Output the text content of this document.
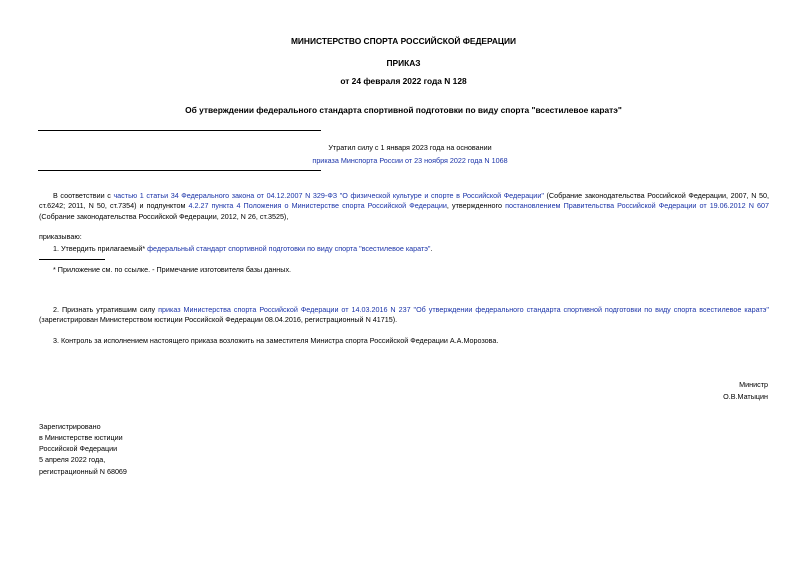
МИНИСТЕРСТВО СПОРТА РОССИЙСКОЙ ФЕДЕРАЦИИ
ПРИКАЗ
от 24 февраля 2022 года N 128
Об утверждении федерального стандарта спортивной подготовки по виду спорта "всестилевое каратэ"
Утратил силу с 1 января 2023 года на основании
приказа Минспорта России от 23 ноября 2022 года N 1068
В соответствии с частью 1 статьи 34 Федерального закона от 04.12.2007 N 329-ФЗ "О физической культуре и спорте в Российской Федерации" (Собрание законодательства Российской Федерации, 2007, N 50, ст.6242; 2011, N 50, ст.7354) и подпунктом 4.2.27 пункта 4 Положения о Министерстве спорта Российской Федерации, утвержденного постановлением Правительства Российской Федерации от 19.06.2012 N 607 (Собрание законодательства Российской Федерации, 2012, N 26, ст.3525),
приказываю:
1. Утвердить прилагаемый* федеральный стандарт спортивной подготовки по виду спорта "всестилевое каратэ".
* Приложение см. по ссылке. - Примечание изготовителя базы данных.
2. Признать утратившим силу приказ Министерства спорта Российской Федерации от 14.03.2016 N 237 "Об утверждении федерального стандарта спортивной подготовки по виду спорта всестилевое каратэ" (зарегистрирован Министерством юстиции Российской Федерации 08.04.2016, регистрационный N 41715).
3. Контроль за исполнением настоящего приказа возложить на заместителя Министра спорта Российской Федерации А.А.Морозова.
Министр
О.В.Матыцин
Зарегистрировано
в Министерстве юстиции
Российской Федерации
5 апреля 2022 года,
регистрационный N 68069
